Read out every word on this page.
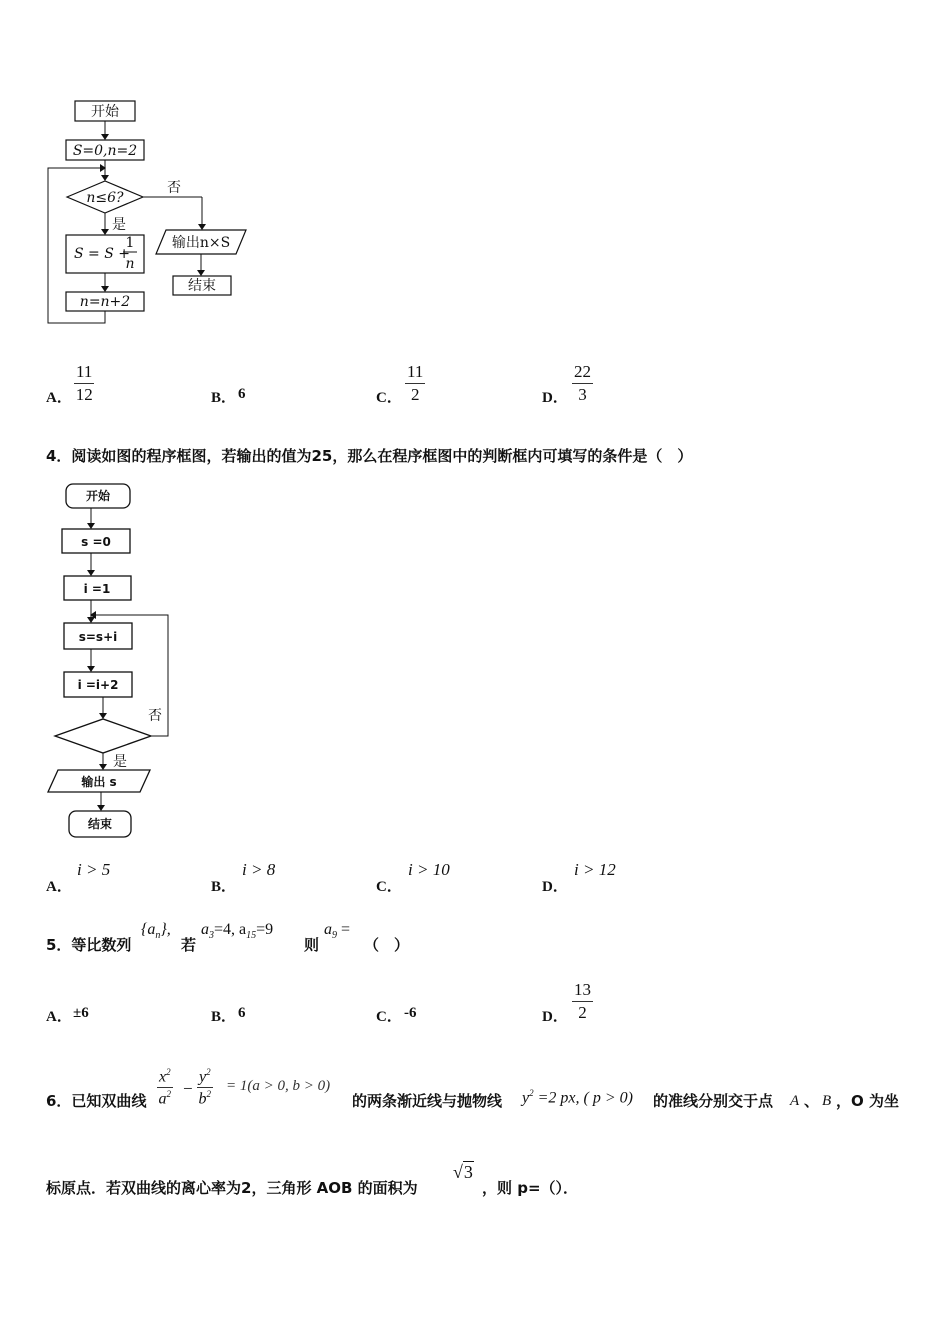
开始
S=0,n=2
n≤6?
否
输出n×S
结束
是
S = S +
1
n
n=n+2
A． $\frac{11}{12}$	B． 6	C． $\frac{11}{2}$	D． $\frac{22}{3}$
4．阅读如图的程序框图，若输出的值为25，那么在程序框图中的判断框内可填写的条件是（　）
开始
s =0
i =1
s=s+i
i =i+2
否
是
输出 s
结束
A．
i > 5
B．
i > 8
C．
i > 10
D．
i > 12
5．等比数列
$\{a_n\}$,
若
$a_3=4$, $a_{15}=9$
则
$a_9$ =
（　）
A． ±6	B． 6	C． -6	D． $\frac{13}{2}$
6．已知双曲线 $\frac{x^2}{a^2} - \frac{y^2}{b^2} = 1(a > 0$, b > 0)
的两条渐近线与抛物线 $y^2 =2$ px, ( p > 0) 的准线分别交于点 A 、 B ，O 为坐
标原点．若双曲线的离心率为2，三角形 AOB 的面积为
√3
，则 p=（）．
